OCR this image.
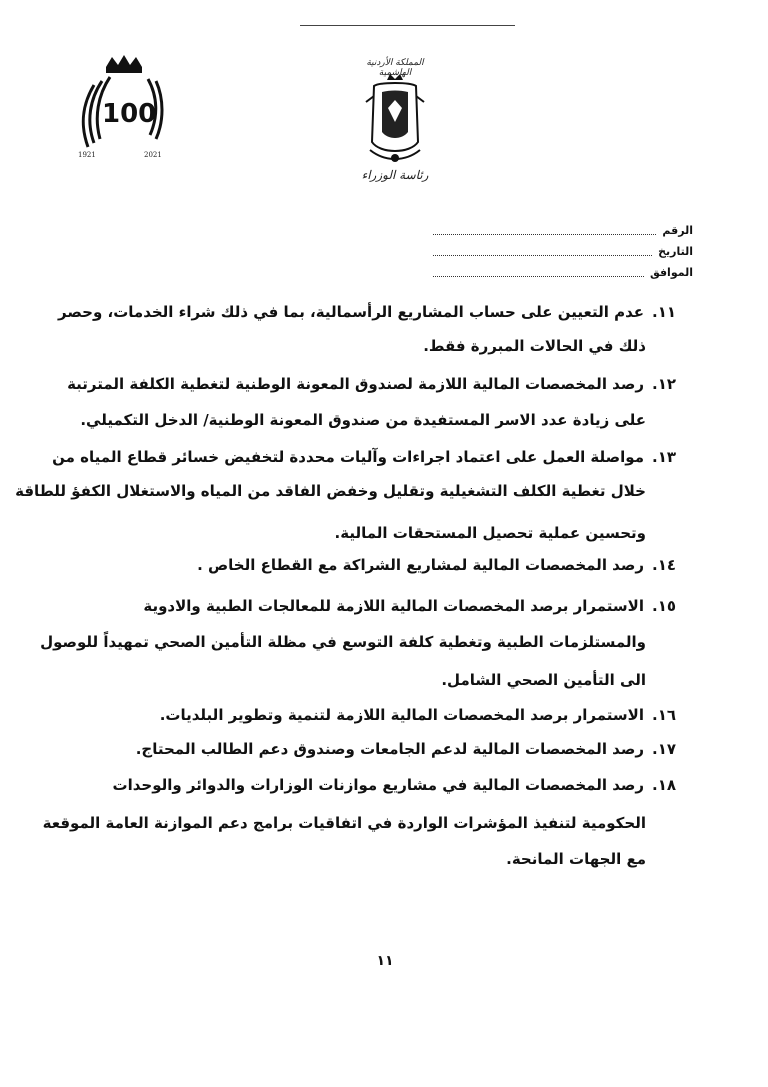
100
1921	2021
المملكة الأردنية الهاشمية
رئاسة الوزراء
الرقم
التاريخ
الموافق
١١.عدم التعيين على حساب المشاريع الرأسمالية، بما في ذلك شراء الخدمات، وحصر
ذلك في الحالات المبررة فقط.
١٢.رصد المخصصات المالية اللازمة لصندوق المعونة الوطنية لتغطية الكلفة المترتبة
على زيادة عدد الاسر المستفيدة من صندوق المعونة الوطنية/ الدخل التكميلي.
١٣.مواصلة العمل على اعتماد اجراءات وآليات محددة لتخفيض خسائر قطاع المياه من
خلال تغطية الكلف التشغيلية وتقليل وخفض الفاقد من المياه والاستغلال الكفؤ للطاقة
وتحسين عملية تحصيل المستحقات المالية.
١٤.رصد المخصصات المالية لمشاريع الشراكة مع القطاع الخاص .
١٥.الاستمرار برصد المخصصات المالية اللازمة للمعالجات الطبية والادوية
والمستلزمات الطبية وتغطية كلفة التوسع في مظلة التأمين الصحي تمهيداً للوصول
الى التأمين الصحي الشامل.
١٦.الاستمرار برصد المخصصات المالية اللازمة لتنمية وتطوير البلديات.
١٧.رصد المخصصات المالية لدعم الجامعات وصندوق دعم الطالب المحتاج.
١٨.رصد المخصصات المالية في مشاريع موازنات الوزارات والدوائر والوحدات
الحكومية لتنفيذ المؤشرات الواردة في اتفاقيات برامج دعم الموازنة العامة الموقعة
مع الجهات المانحة.
١١
